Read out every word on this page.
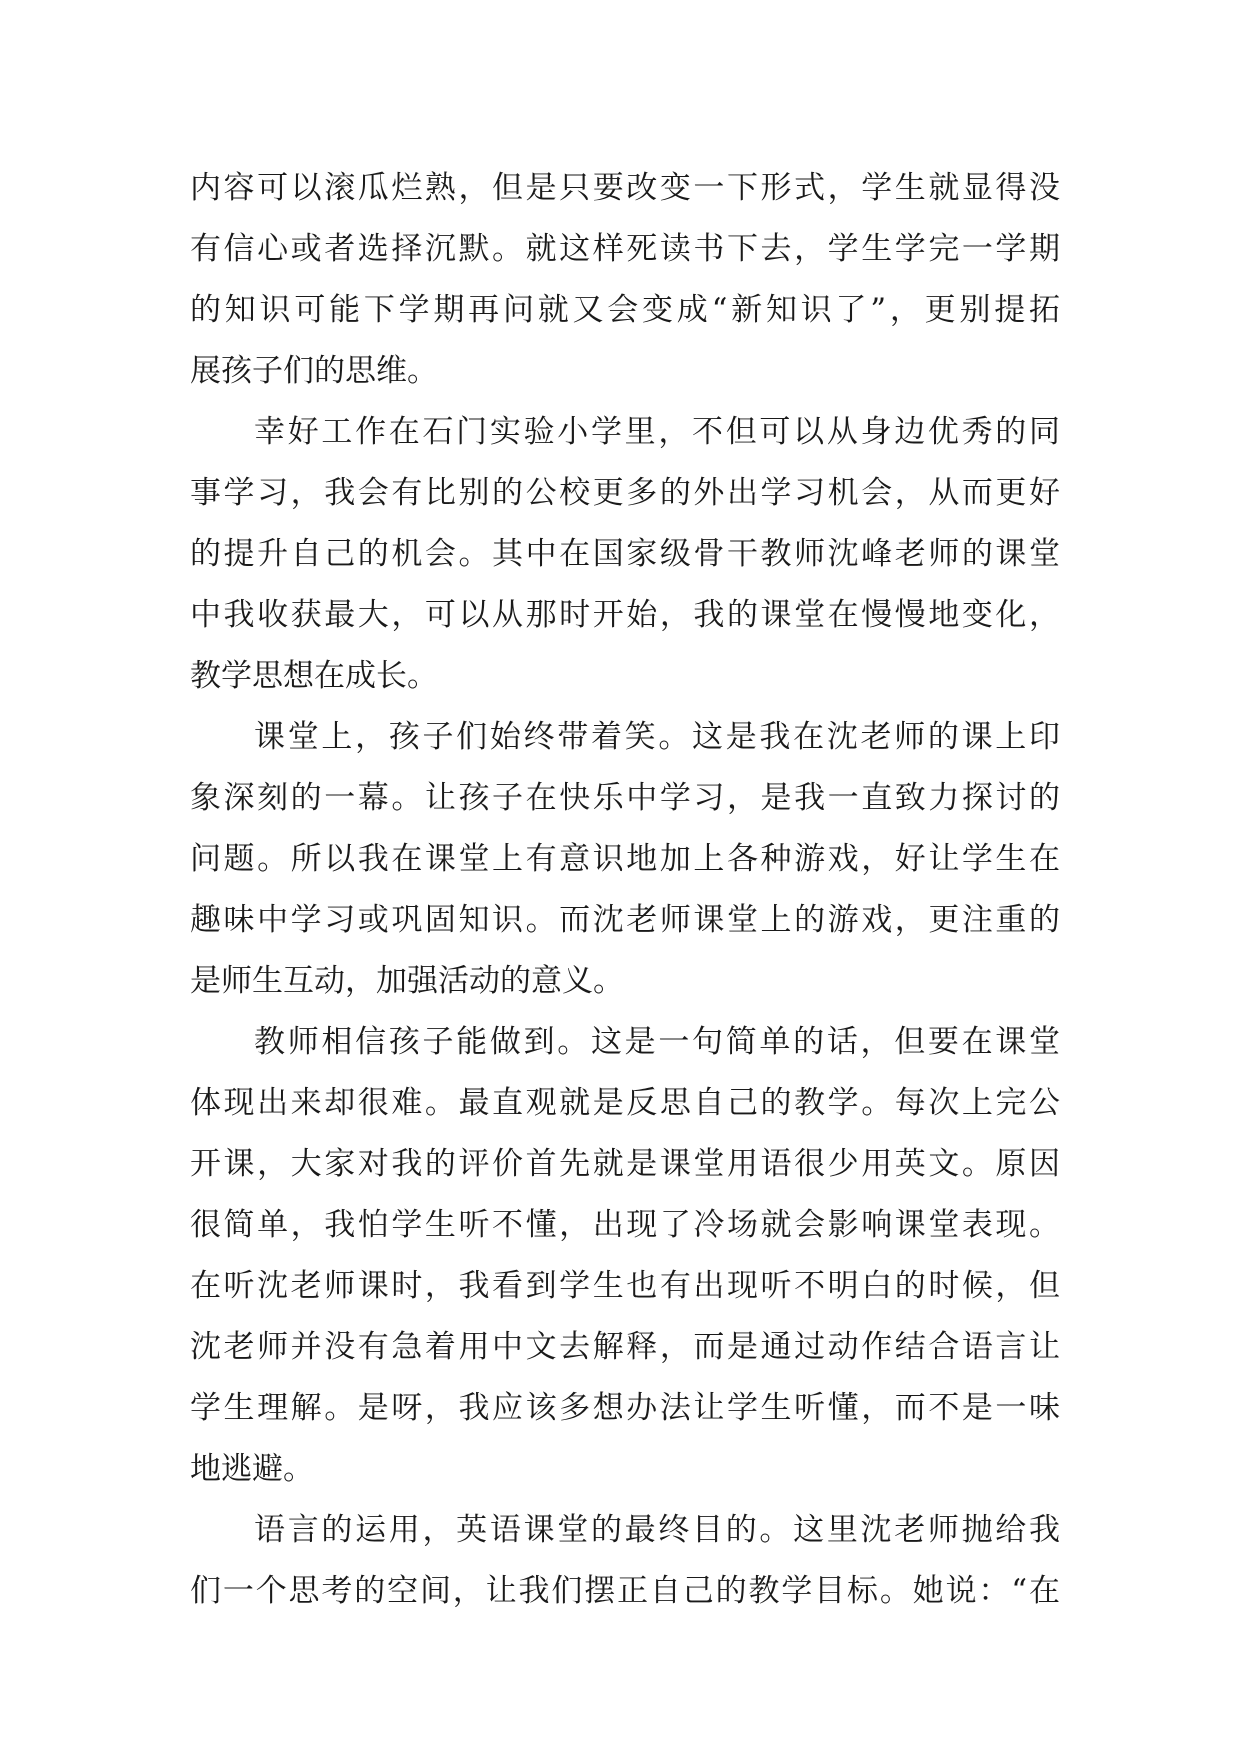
内容可以滚瓜烂熟，但是只要改变一下形式，学生就显得没
有信心或者选择沉默。就这样死读书下去，学生学完一学期
的知识可能下学期再问就又会变成“新知识了”，更别提拓
展孩子们的思维。
幸好工作在石门实验小学里，不但可以从身边优秀的同
事学习，我会有比别的公校更多的外出学习机会，从而更好
的提升自己的机会。其中在国家级骨干教师沈峰老师的课堂
中我收获最大，可以从那时开始，我的课堂在慢慢地变化，
教学思想在成长。
课堂上，孩子们始终带着笑。这是我在沈老师的课上印
象深刻的一幕。让孩子在快乐中学习，是我一直致力探讨的
问题。所以我在课堂上有意识地加上各种游戏，好让学生在
趣味中学习或巩固知识。而沈老师课堂上的游戏，更注重的
是师生互动，加强活动的意义。
教师相信孩子能做到。这是一句简单的话，但要在课堂
体现出来却很难。最直观就是反思自己的教学。每次上完公
开课，大家对我的评价首先就是课堂用语很少用英文。原因
很简单，我怕学生听不懂，出现了冷场就会影响课堂表现。
在听沈老师课时，我看到学生也有出现听不明白的时候，但
沈老师并没有急着用中文去解释，而是通过动作结合语言让
学生理解。是呀，我应该多想办法让学生听懂，而不是一味
地逃避。
语言的运用，英语课堂的最终目的。这里沈老师抛给我
们一个思考的空间，让我们摆正自己的教学目标。她说：“在
